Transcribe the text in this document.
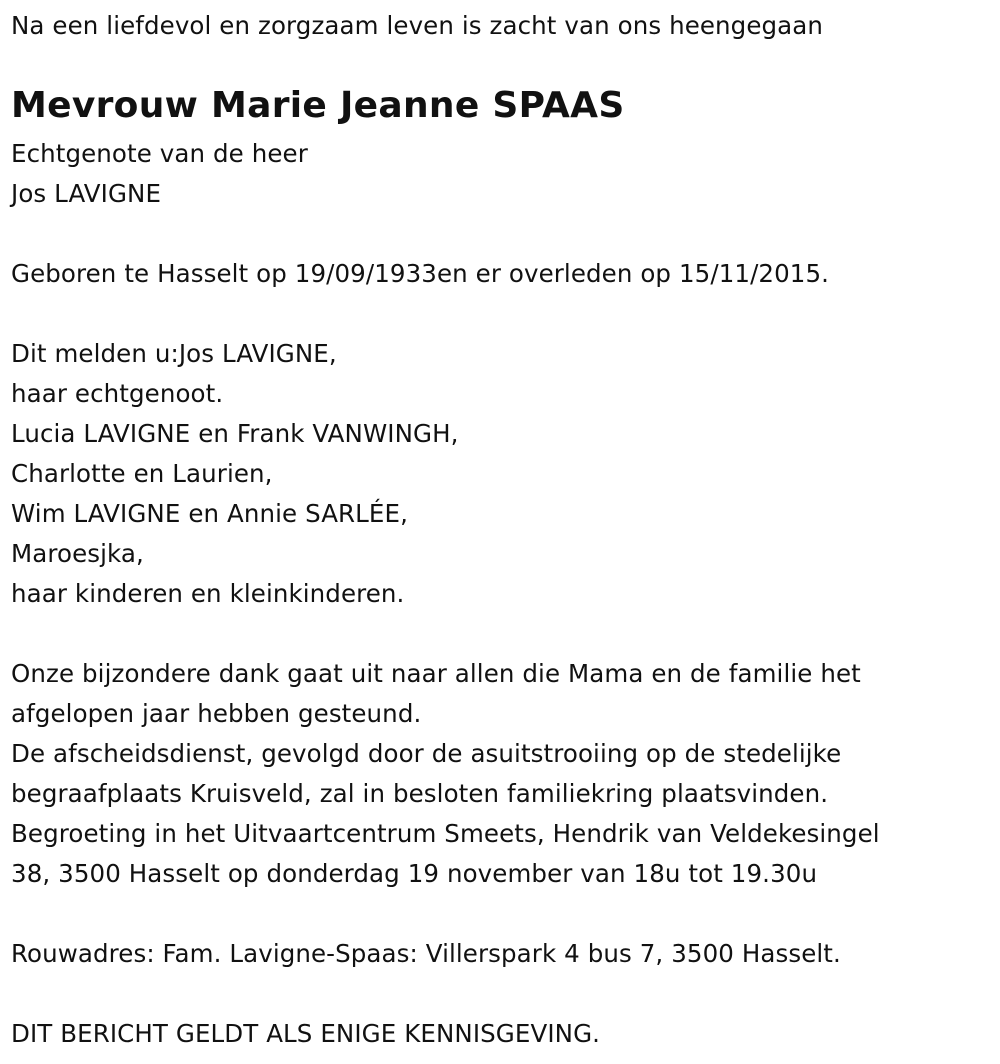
Na een liefdevol en zorgzaam leven is zacht van ons heengegaan
Mevrouw Marie Jeanne SPAAS
Echtgenote van de heer
Jos LAVIGNE
Geboren te Hasselt op 19/09/1933en er overleden op 15/11/2015.
Dit melden u:Jos LAVIGNE,
haar echtgenoot.
Lucia LAVIGNE en Frank VANWINGH,
Charlotte en Laurien,
Wim LAVIGNE en Annie SARLÉE,
Maroesjka,
haar kinderen en kleinkinderen.
Onze bijzondere dank gaat uit naar allen die Mama en de familie het
afgelopen jaar hebben gesteund.
De afscheidsdienst, gevolgd door de asuitstrooiing op de stedelijke
begraafplaats Kruisveld, zal in besloten familiekring plaatsvinden.
Begroeting in het Uitvaartcentrum Smeets, Hendrik van Veldekesingel
38, 3500 Hasselt op donderdag 19 november van 18u tot 19.30u
Rouwadres: Fam. Lavigne-Spaas: Villerspark 4 bus 7, 3500 Hasselt.
DIT BERICHT GELDT ALS ENIGE KENNISGEVING.
